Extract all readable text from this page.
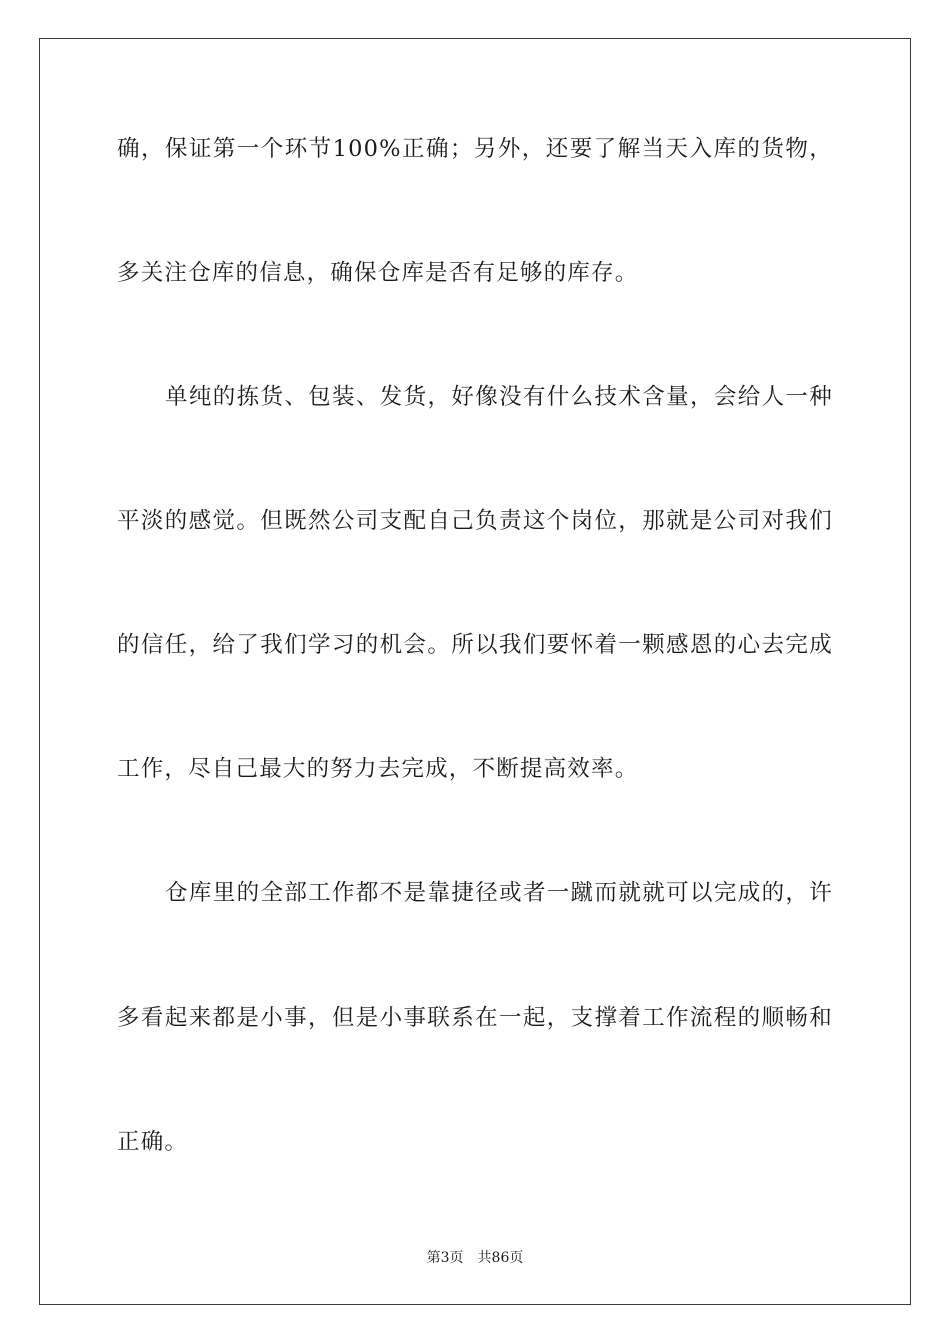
确，保证第一个环节100%正确；另外，还要了解当天入库的货物，
多关注仓库的信息，确保仓库是否有足够的库存。
单纯的拣货、包装、发货，好像没有什么技术含量，会给人一种
平淡的感觉。但既然公司支配自己负责这个岗位，那就是公司对我们
的信任，给了我们学习的机会。所以我们要怀着一颗感恩的心去完成
工作，尽自己最大的努力去完成，不断提高效率。
仓库里的全部工作都不是靠捷径或者一蹴而就就可以完成的，许
多看起来都是小事，但是小事联系在一起，支撑着工作流程的顺畅和
正确。
第3页 共86页
